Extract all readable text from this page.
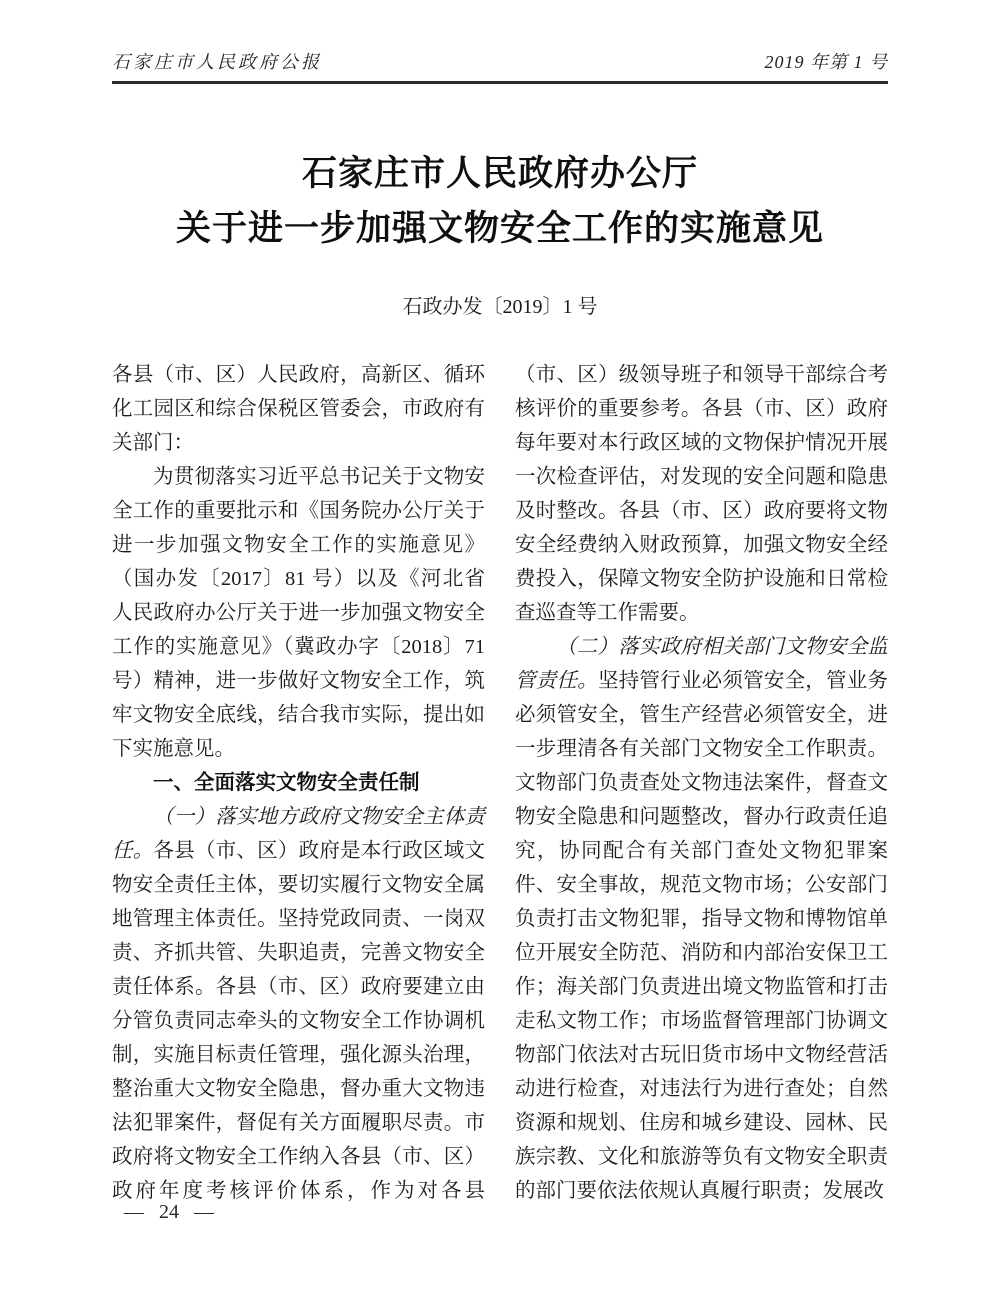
石家庄市人民政府公报	2019 年第 1 号
石家庄市人民政府办公厅
关于进一步加强文物安全工作的实施意见
石政办发〔2019〕1 号

各县（市、区）人民政府，高新区、循环化工园区和综合保税区管委会，市政府有关部门：

为贯彻落实习近平总书记关于文物安全工作的重要批示和《国务院办公厅关于进一步加强文物安全工作的实施意见》（国办发〔2017〕81 号）以及《河北省人民政府办公厅关于进一步加强文物安全工作的实施意见》（冀政办字〔2018〕71 号）精神，进一步做好文物安全工作，筑牢文物安全底线，结合我市实际，提出如下实施意见。

一、全面落实文物安全责任制

（一）落实地方政府文物安全主体责任。各县（市、区）政府是本行政区域文物安全责任主体，要切实履行文物安全属地管理主体责任。坚持党政同责、一岗双责、齐抓共管、失职追责，完善文物安全责任体系。各县（市、区）政府要建立由分管负责同志牵头的文物安全工作协调机制，实施目标责任管理，强化源头治理，整治重大文物安全隐患，督办重大文物违法犯罪案件，督促有关方面履职尽责。市政府将文物安全工作纳入各县（市、区）政府年度考核评价体系，作为对各县（市、区）级领导班子和领导干部综合考核评价的重要参考。各县（市、区）政府每年要对本行政区域的文物保护情况开展一次检查评估，对发现的安全问题和隐患及时整改。各县（市、区）政府要将文物安全经费纳入财政预算，加强文物安全经费投入，保障文物安全防护设施和日常检查巡查等工作需要。

（二）落实政府相关部门文物安全监管责任。坚持管行业必须管安全，管业务必须管安全，管生产经营必须管安全，进一步理清各有关部门文物安全工作职责。文物部门负责查处文物违法案件，督查文物安全隐患和问题整改，督办行政责任追究，协同配合有关部门查处文物犯罪案件、安全事故，规范文物市场；公安部门负责打击文物犯罪，指导文物和博物馆单位开展安全防范、消防和内部治安保卫工作；海关部门负责进出境文物监管和打击走私文物工作；市场监督管理部门协调文物部门依法对古玩旧货市场中文物经营活动进行检查，对违法行为进行查处；自然资源和规划、住房和城乡建设、园林、民族宗教、文化和旅游等负有文物安全职责的部门要依法依规认真履行职责；发展改

— 24 —
